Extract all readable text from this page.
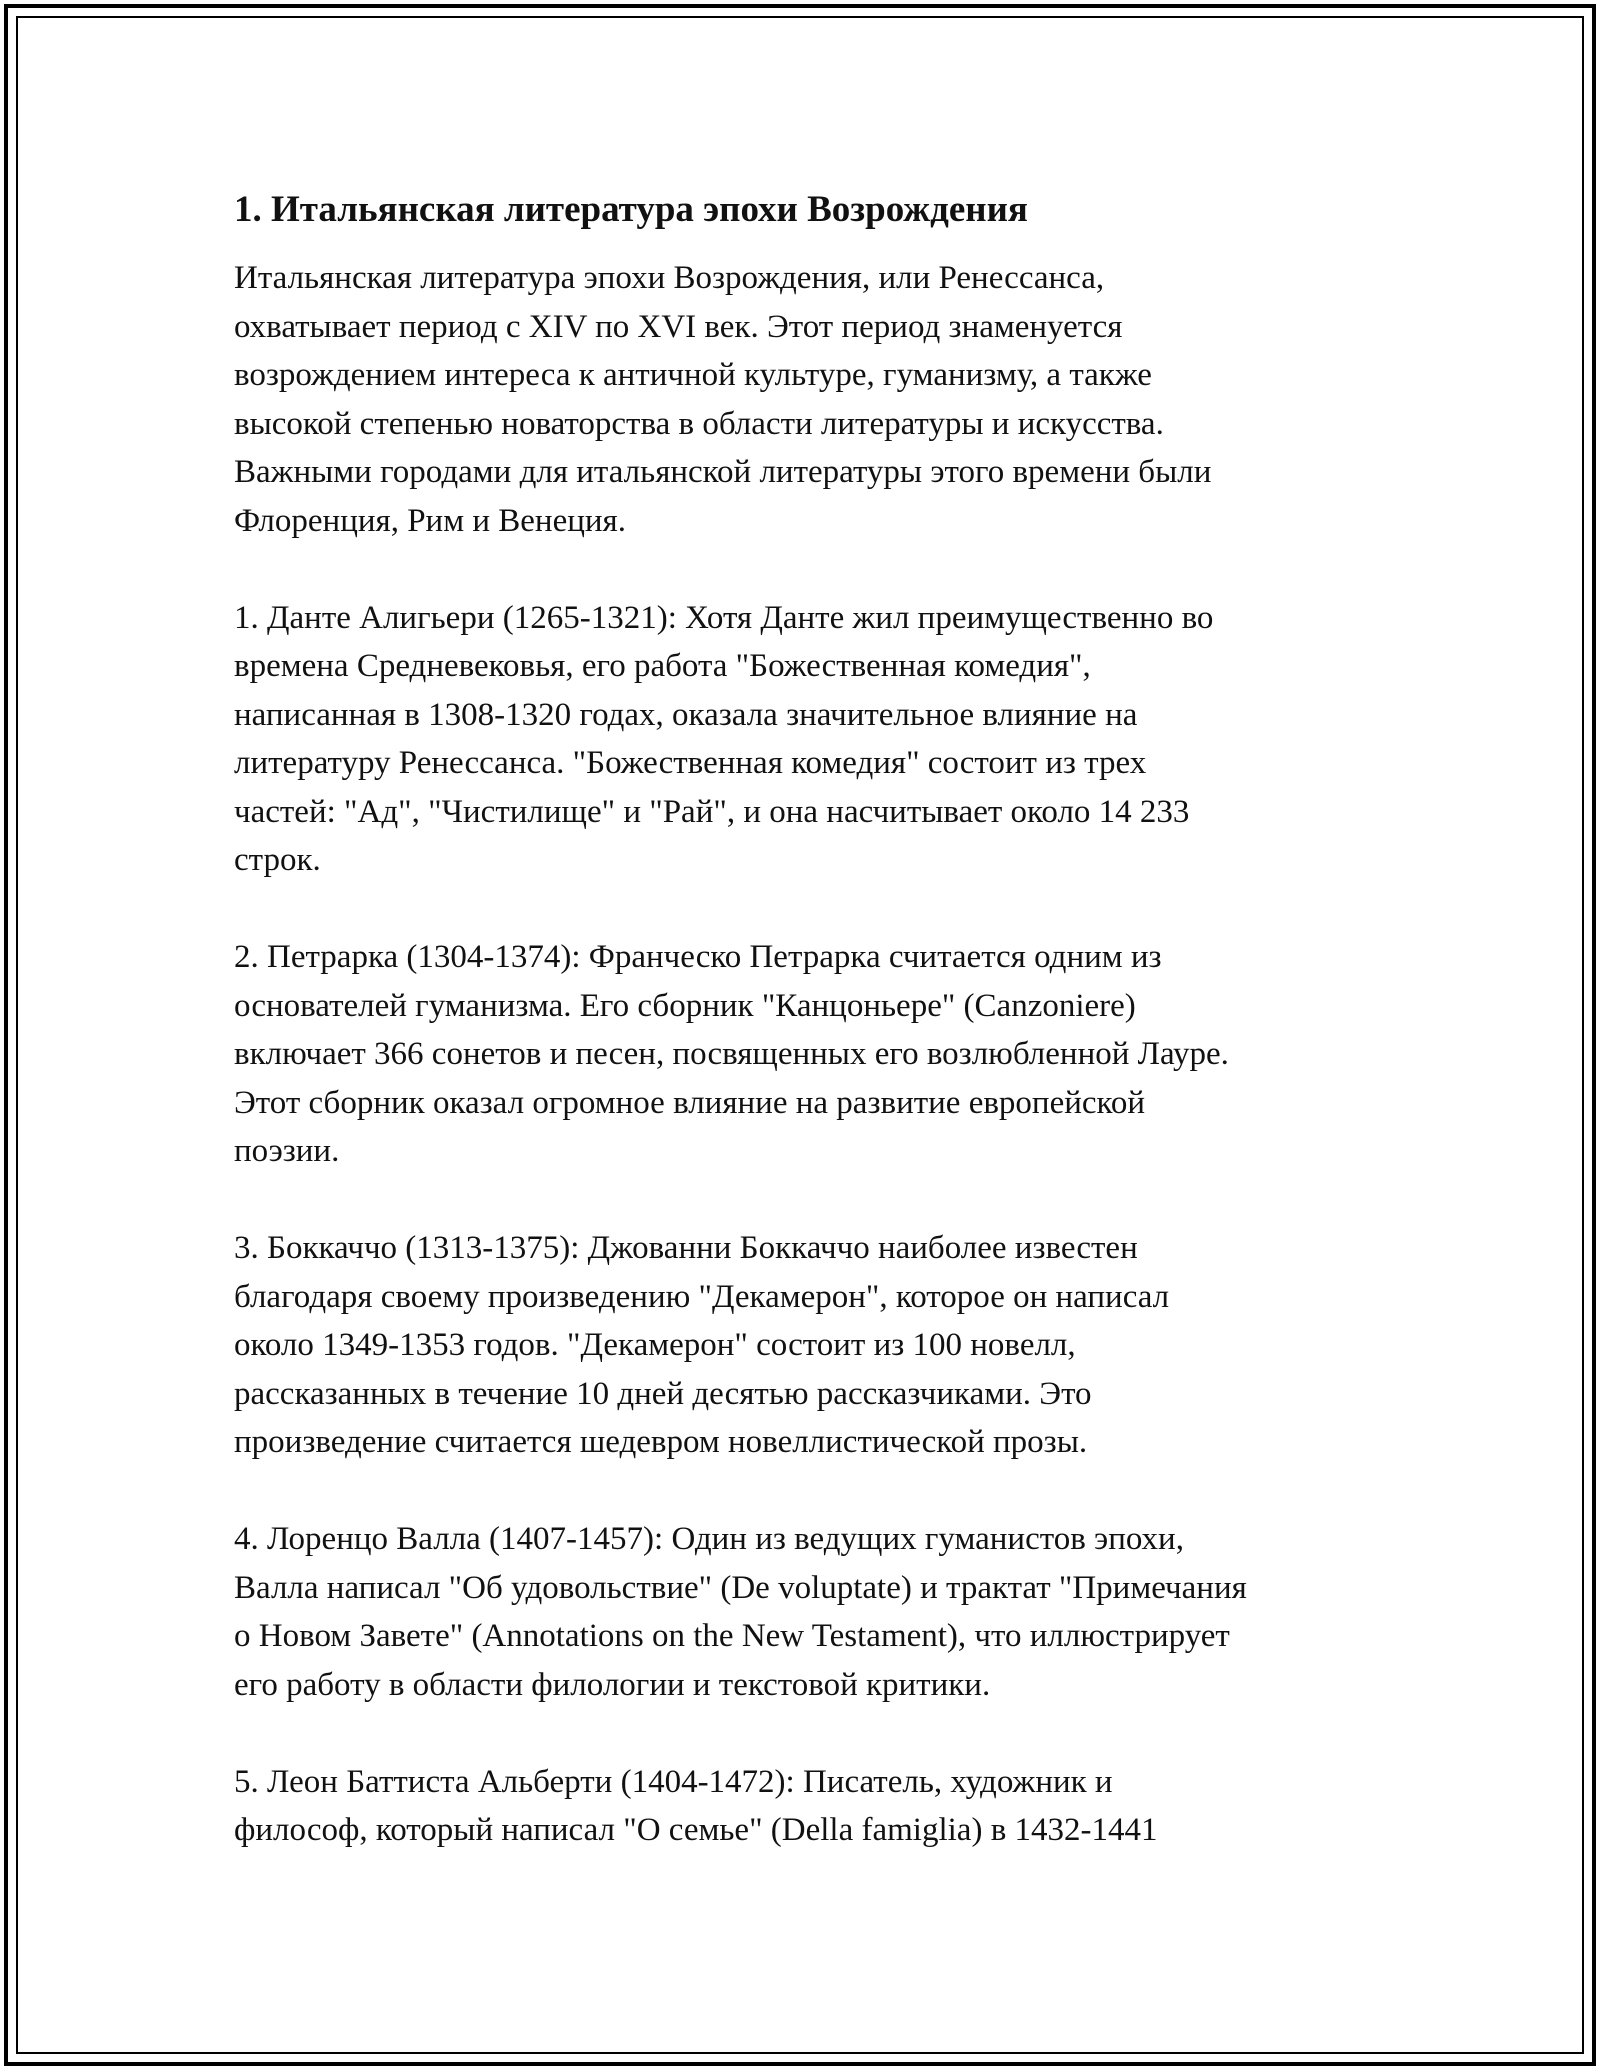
1. Итальянская литература эпохи Возрождения
Итальянская литература эпохи Возрождения, или Ренессанса,
охватывает период с XIV по XVI век. Этот период знаменуется
возрождением интереса к античной культуре, гуманизму, а также
высокой степенью новаторства в области литературы и искусства.
Важными городами для итальянской литературы этого времени были
Флоренция, Рим и Венеция.
1. Данте Алигьери (1265-1321): Хотя Данте жил преимущественно во
времена Средневековья, его работа "Божественная комедия",
написанная в 1308-1320 годах, оказала значительное влияние на
литературу Ренессанса. "Божественная комедия" состоит из трех
частей: "Ад", "Чистилище" и "Рай", и она насчитывает около 14 233
строк.
2. Петрарка (1304-1374): Франческо Петрарка считается одним из
основателей гуманизма. Его сборник "Канцоньере" (Canzoniere)
включает 366 сонетов и песен, посвященных его возлюбленной Лауре.
Этот сборник оказал огромное влияние на развитие европейской
поэзии.
3. Боккаччо (1313-1375): Джованни Боккаччо наиболее известен
благодаря своему произведению "Декамерон", которое он написал
около 1349-1353 годов. "Декамерон" состоит из 100 новелл,
рассказанных в течение 10 дней десятью рассказчиками. Это
произведение считается шедевром новеллистической прозы.
4. Лоренцо Валла (1407-1457): Один из ведущих гуманистов эпохи,
Валла написал "Об удовольствие" (De voluptate) и трактат "Примечания
о Новом Завете" (Annotations on the New Testament), что иллюстрирует
его работу в области филологии и текстовой критики.
5. Леон Баттиста Альберти (1404-1472): Писатель, художник и
философ, который написал "О семье" (Della famiglia) в 1432-1441
